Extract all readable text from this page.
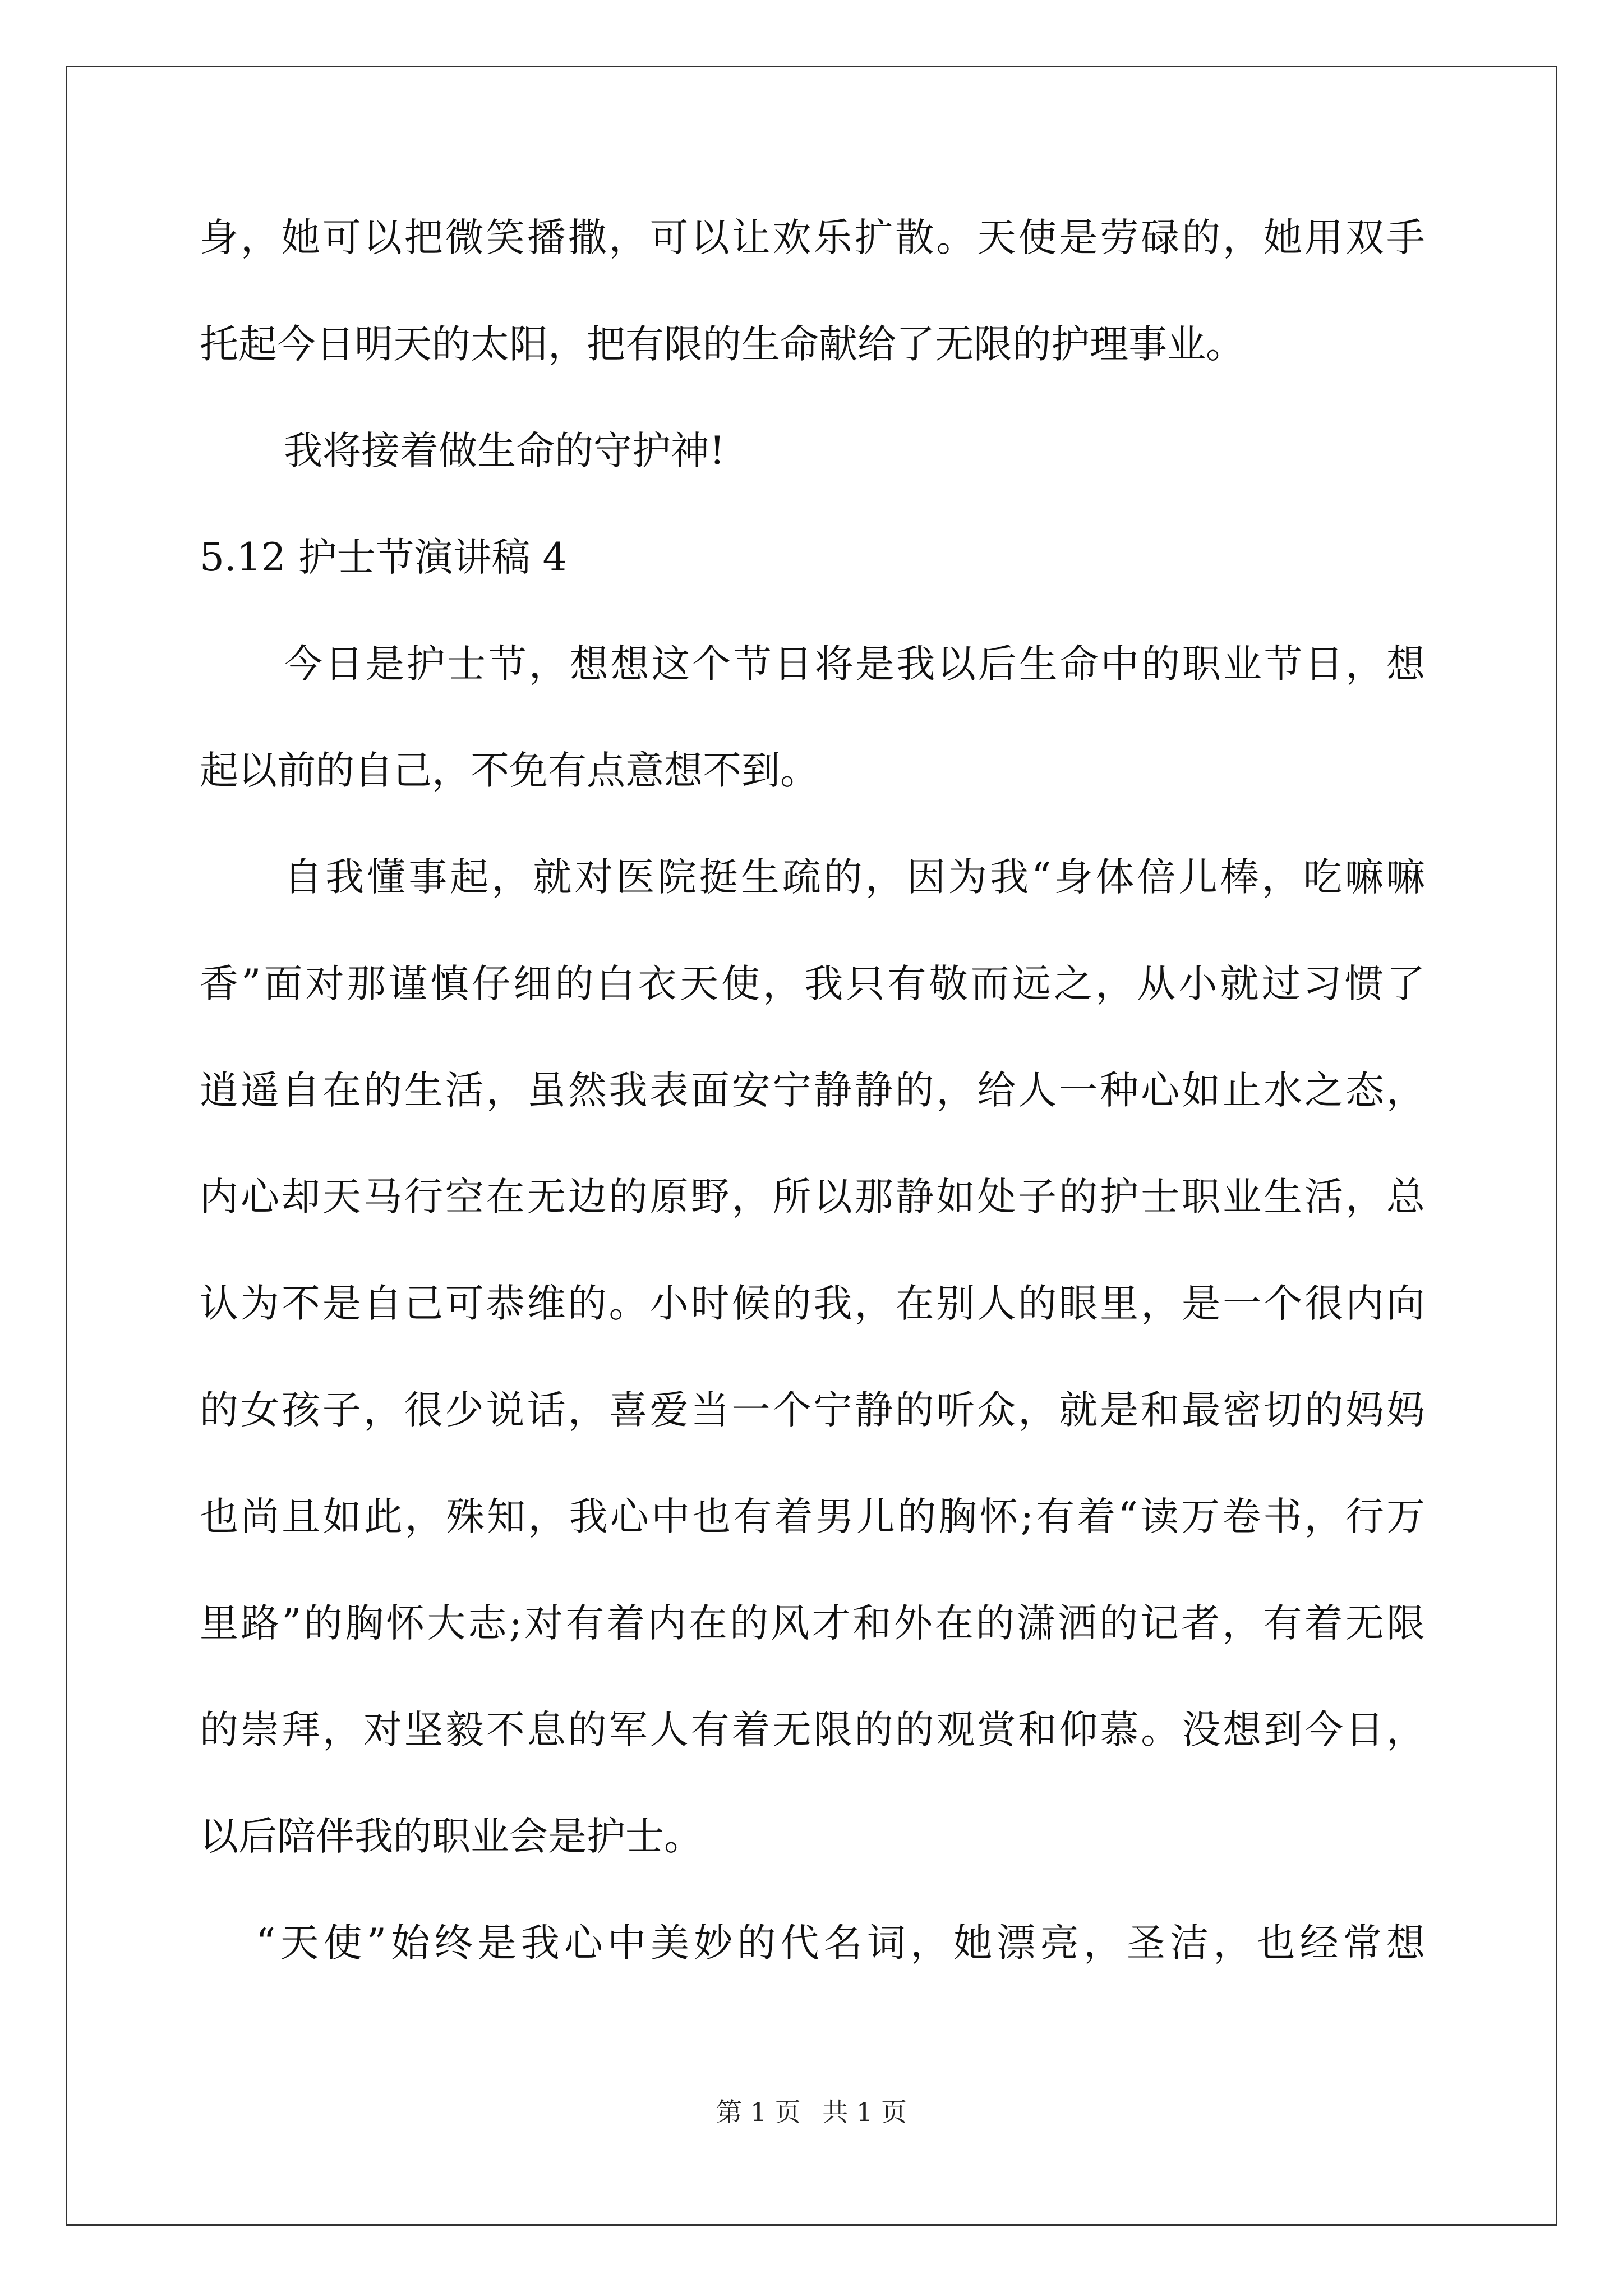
身，她可以把微笑播撒，可以让欢乐扩散。天使是劳碌的，她用双手
托起今日明天的太阳，把有限的生命献给了无限的护理事业。
我将接着做生命的守护神!
5.12 护士节演讲稿 4
今日是护士节，想想这个节日将是我以后生命中的职业节日，想
起以前的自己，不免有点意想不到。
自我懂事起，就对医院挺生疏的，因为我“身体倍儿棒，吃嘛嘛
香”面对那谨慎仔细的白衣天使，我只有敬而远之，从小就过习惯了
逍遥自在的生活，虽然我表面安宁静静的，给人一种心如止水之态，
内心却天马行空在无边的原野，所以那静如处子的护士职业生活，总
认为不是自己可恭维的。小时候的我，在别人的眼里，是一个很内向
的女孩子，很少说话，喜爱当一个宁静的听众，就是和最密切的妈妈
也尚且如此，殊知，我心中也有着男儿的胸怀;有着“读万卷书，行万
里路”的胸怀大志;对有着内在的风才和外在的潇洒的记者，有着无限
的崇拜，对坚毅不息的军人有着无限的的观赏和仰慕。没想到今日，
以后陪伴我的职业会是护士。
“天使”始终是我心中美妙的代名词，她漂亮，圣洁，也经常想
第 1 页 共 1 页
